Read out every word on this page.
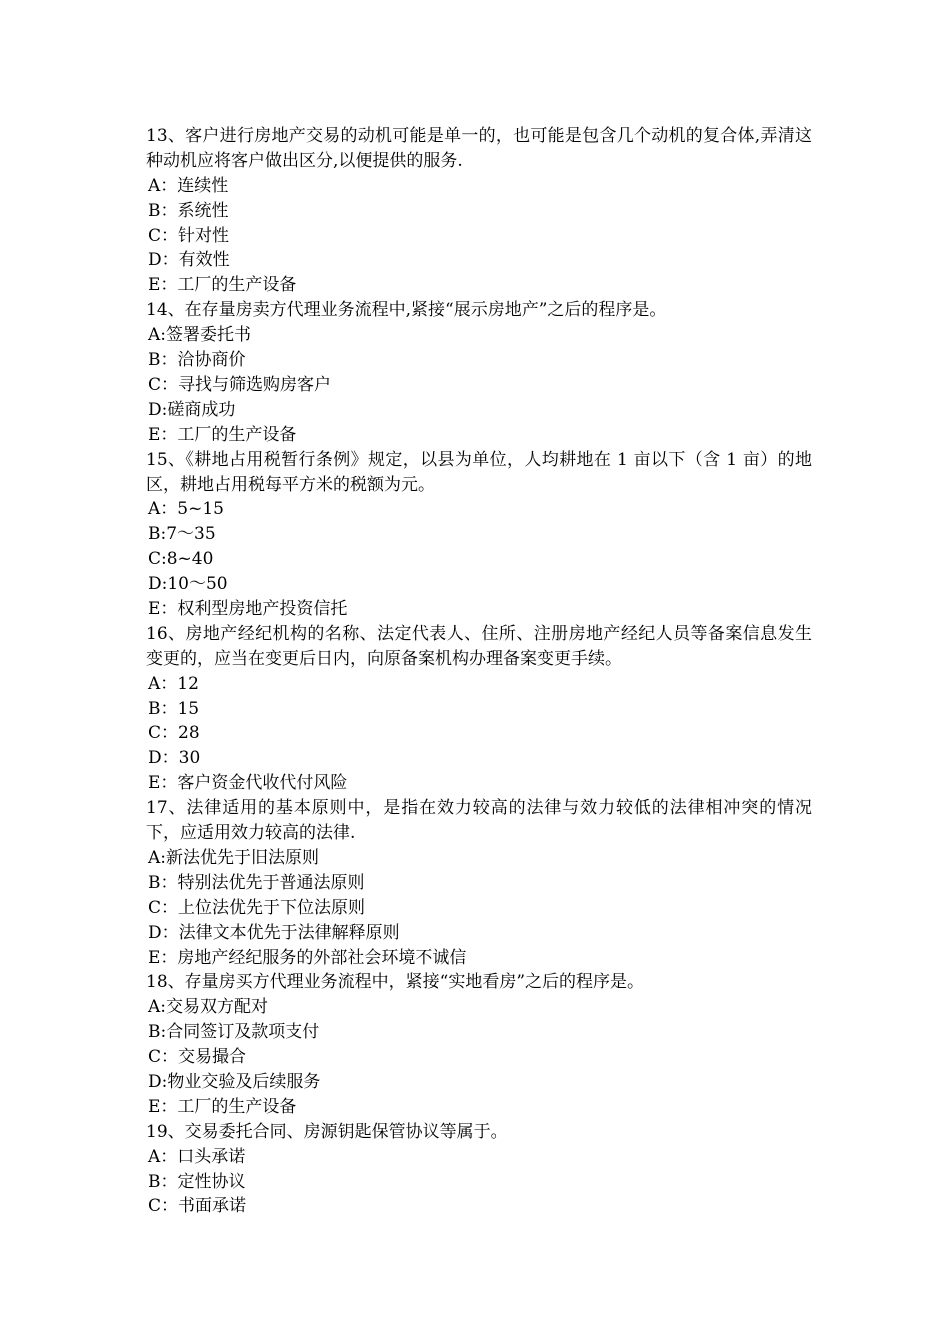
13、客户进行房地产交易的动机可能是单一的，也可能是包含几个动机的复合体,弄清这种动机应将客户做出区分,以便提供的服务.
A：连续性
B：系统性
C：针对性
D：有效性
E：工厂的生产设备
14、在存量房卖方代理业务流程中,紧接“展示房地产”之后的程序是。
A:签署委托书
B：洽协商价
C：寻找与筛选购房客户
D:磋商成功
E：工厂的生产设备
15、《耕地占用税暂行条例》规定，以县为单位，人均耕地在 1 亩以下（含 1 亩）的地区，耕地占用税每平方米的税额为元。
A：5~15
B:7～35
C:8~40
D:10～50
E：权利型房地产投资信托
16、房地产经纪机构的名称、法定代表人、住所、注册房地产经纪人员等备案信息发生变更的，应当在变更后日内，向原备案机构办理备案变更手续。
A：12
B：15
C：28
D：30
E：客户资金代收代付风险
17、法律适用的基本原则中，是指在效力较高的法律与效力较低的法律相冲突的情况下，应适用效力较高的法律.
A:新法优先于旧法原则
B：特别法优先于普通法原则
C：上位法优先于下位法原则
D：法律文本优先于法律解释原则
E：房地产经纪服务的外部社会环境不诚信
18、存量房买方代理业务流程中，紧接“实地看房”之后的程序是。
A:交易双方配对
B:合同签订及款项支付
C：交易撮合
D:物业交验及后续服务
E：工厂的生产设备
19、交易委托合同、房源钥匙保管协议等属于。
A：口头承诺
B：定性协议
C：书面承诺
